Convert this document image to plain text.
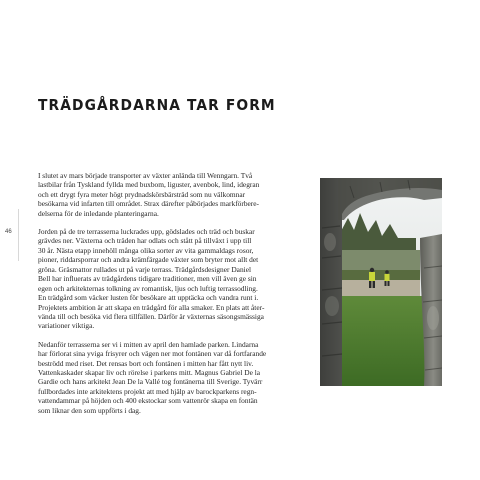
TRÄDGÅRDARNA TAR FORM
46

I slutet av mars började transporter av växter anlända till Wenngarn. Två
lastbilar från Tyskland fyllda med buxbom, liguster, avenbok, lind, idegran
och ett drygt fyra meter högt prydnadskörsbärsträd som nu välkomnar
besökarna vid infarten till området. Strax därefter påbörjades markförbere-
delserna för de inledande planteringarna.

Jorden på de tre terrasserna luckrades upp, gödslades och träd och buskar
grävdes ner. Växterna och träden har odlats och stått på tillväxt i upp till
30 år. Nästa etapp innehöll många olika sorter av vita gammaldags rosor,
pioner, riddarsporrar och andra krämfärgade växter som bryter mot allt det
gröna. Gräsmattor rullades ut på varje terrass. Trädgårdsdesigner Daniel
Bell har influerats av trädgårdens tidigare traditioner, men vill även ge sin
egen och arkitekternas tolkning av romantisk, ljus och luftig terrassodling.
En trädgård som väcker lusten för besökare att upptäcka och vandra runt i.
Projektets ambition är att skapa en trädgård för alla smaker. En plats att åter-
vända till och besöka vid flera tillfällen. Därför är växternas säsongsmässiga
variationer viktiga.

Nedanför terrasserna ser vi i mitten av april den hamlade parken. Lindarna
har förlorat sina yviga frisyrer och vägen ner mot fontänen var då fortfarande
beströdd med riset. Det rensas bort och fontänen i mitten har fått nytt liv.
Vattenkaskader skapar liv och rörelse i parkens mitt. Magnus Gabriel De la
Gardie och hans arkitekt Jean De la Vallé tog fontänerna till Sverige. Tyvärr
fullbordades inte arkitektens projekt att med hjälp av barockparkens regn-
vattendammar på höjden och 400 ekstockar som vattenrör skapa en fontän
som liknar den som uppförts i dag.
